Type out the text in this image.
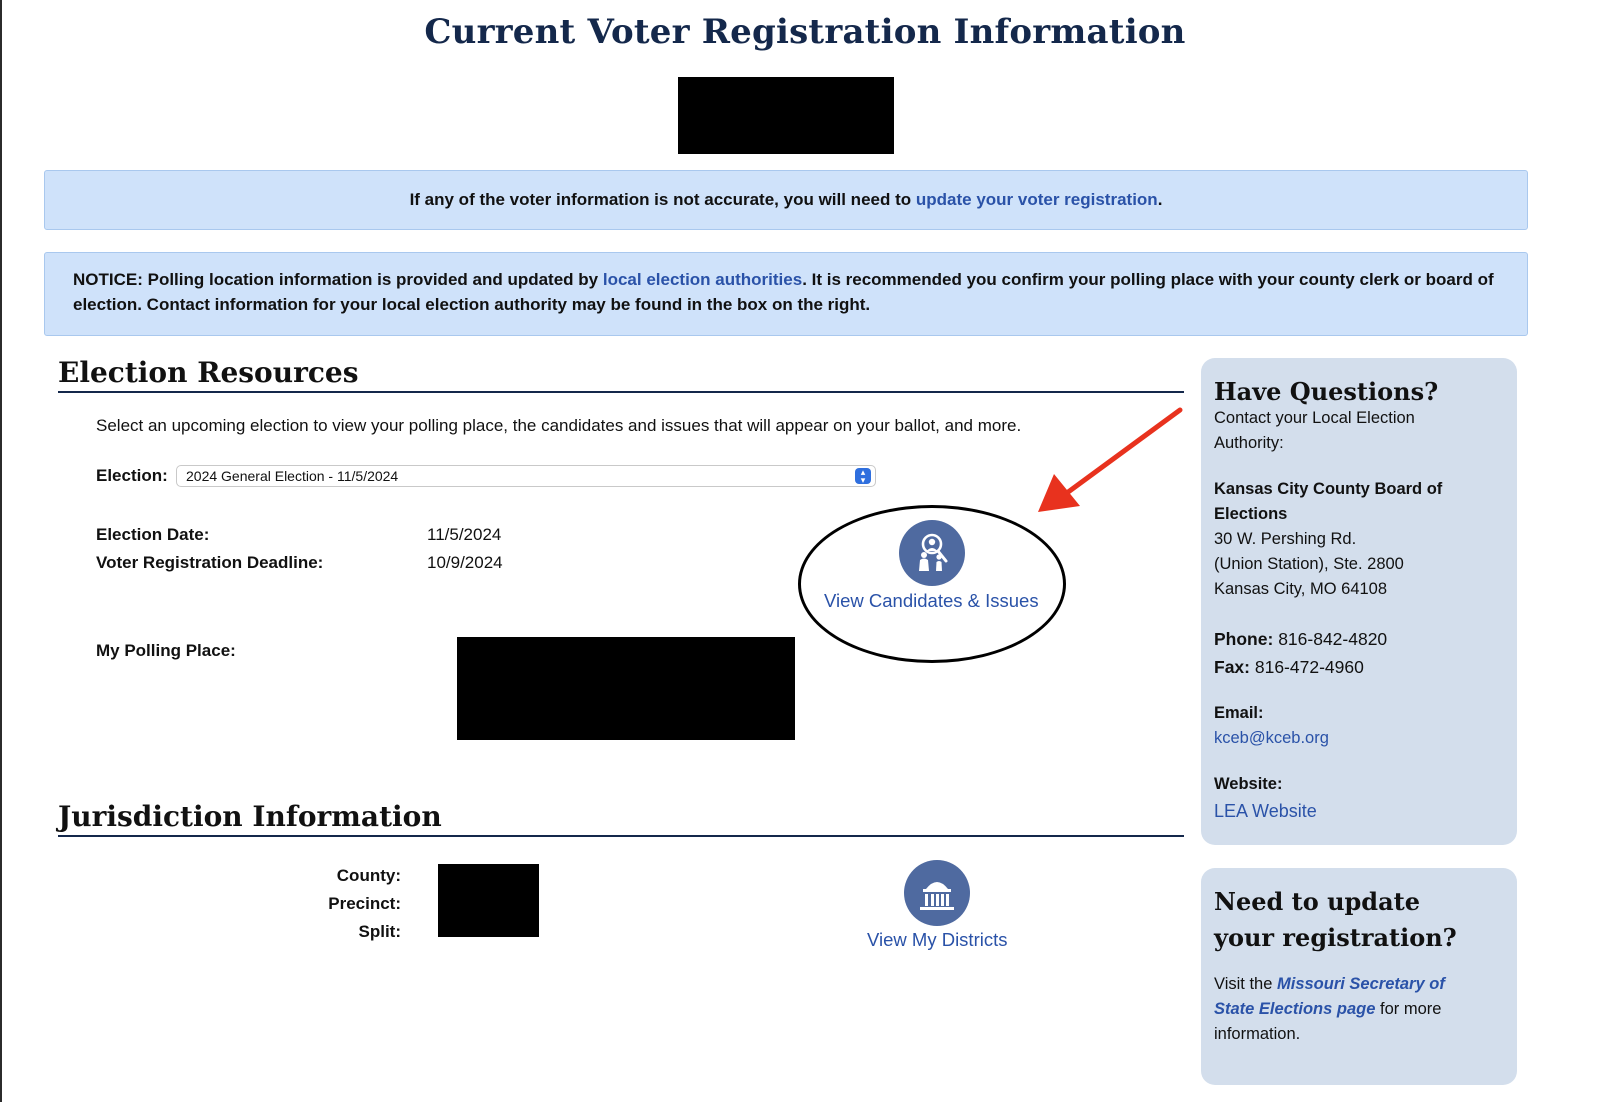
Current Voter Registration Information
If any of the voter information is not accurate, you will need to update your voter registration.
NOTICE: Polling location information is provided and updated by local election authorities. It is recommended you confirm your polling place with your county clerk or board of election. Contact information for your local election authority may be found in the box on the right.
Election Resources
Select an upcoming election to view your polling place, the candidates and issues that will appear on your ballot, and more.
Election:	2024 General Election - 11/5/2024	▴
▾
Election Date:	11/5/2024
Voter Registration Deadline:	10/9/2024
My Polling Place:
View Candidates & Issues
Jurisdiction Information
County:
Precinct:
Split:	View My Districts
Have Questions?
Contact your Local Election Authority:
Kansas City County Board of Elections
30 W. Pershing Rd.
(Union Station), Ste. 2800
Kansas City, MO 64108
Phone: 816-842-4820
Fax: 816-472-4960
Email:
kceb@kceb.org
Website:
LEA Website
Need to update your registration?
Visit the Missouri Secretary of State Elections page for more information.
